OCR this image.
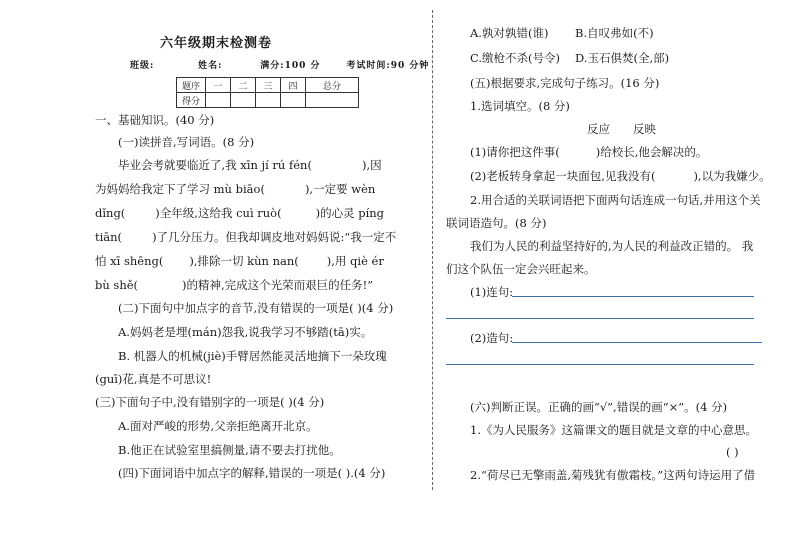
六年级期末检测卷
班级:	姓名:	满分:100 分	考试时间:90 分钟
题序	一	二	三	四	总分
得分					
一、基础知识。(40 分)
(一)读拼音,写词语。(8 分)
毕业会考就要临近了,我 xīn jí rú fén(	),因
为妈妈给我定下了学习 mù biāo(	),一定要 wèn
dǐng(	)全年级,这给我 cuì ruò(	)的心灵 píng
tiān(	)了几分压力。但我却调皮地对妈妈说:“我一定不
怕 xī shēng( ),排除一切 kùn nan( ),用 qiè ér
bù shě(	)的精神,完成这个光荣而艰巨的任务!”
(二)下面句中加点字的音节,没有错误的一项是( )(4 分)
A.妈妈老是埋(mán)怨我,说我学习不够踏(tā)实。
B. 机器人的机械(jiè)手臂居然能灵活地摘下一朵玫瑰
(guī)花,真是不可思议!
(三)下面句子中,没有错别字的一项是( )(4 分)
A.面对严峻的形势,父亲拒绝离开北京。
B.他正在试验室里搞侧量,请不要去打扰他。
(四)下面词语中加点字的解释,错误的一项是( ).(4 分)
A.孰对孰错(谁) B.自叹弗如(不)
C.缴枪不杀(号令) D.玉石俱焚(全,部)
(五)根据要求,完成句子练习。(16 分)
1.选词填空。(8 分)
反应 反映
(1)请你把这件事(	)给校长,他会解决的。
(2)老板转身拿起一块面包,见我没有(	),以为我嫌少。
2.用合适的关联词语把下面两句话连成一句话,并用这个关
联词语造句。(8 分)
我们为人民的利益坚持好的,为人民的利益改正错的。 我
们这个队伍一定会兴旺起来。
(1)连句:
(2)造句:
(六)判断正误。正确的画“√”,错误的画“×”。(4 分)
1.《为人民服务》这篇课文的题目就是文章的中心意思。
( )
2.“荷尽已无擎雨盖,菊残犹有傲霜枝。”这两句诗运用了借
